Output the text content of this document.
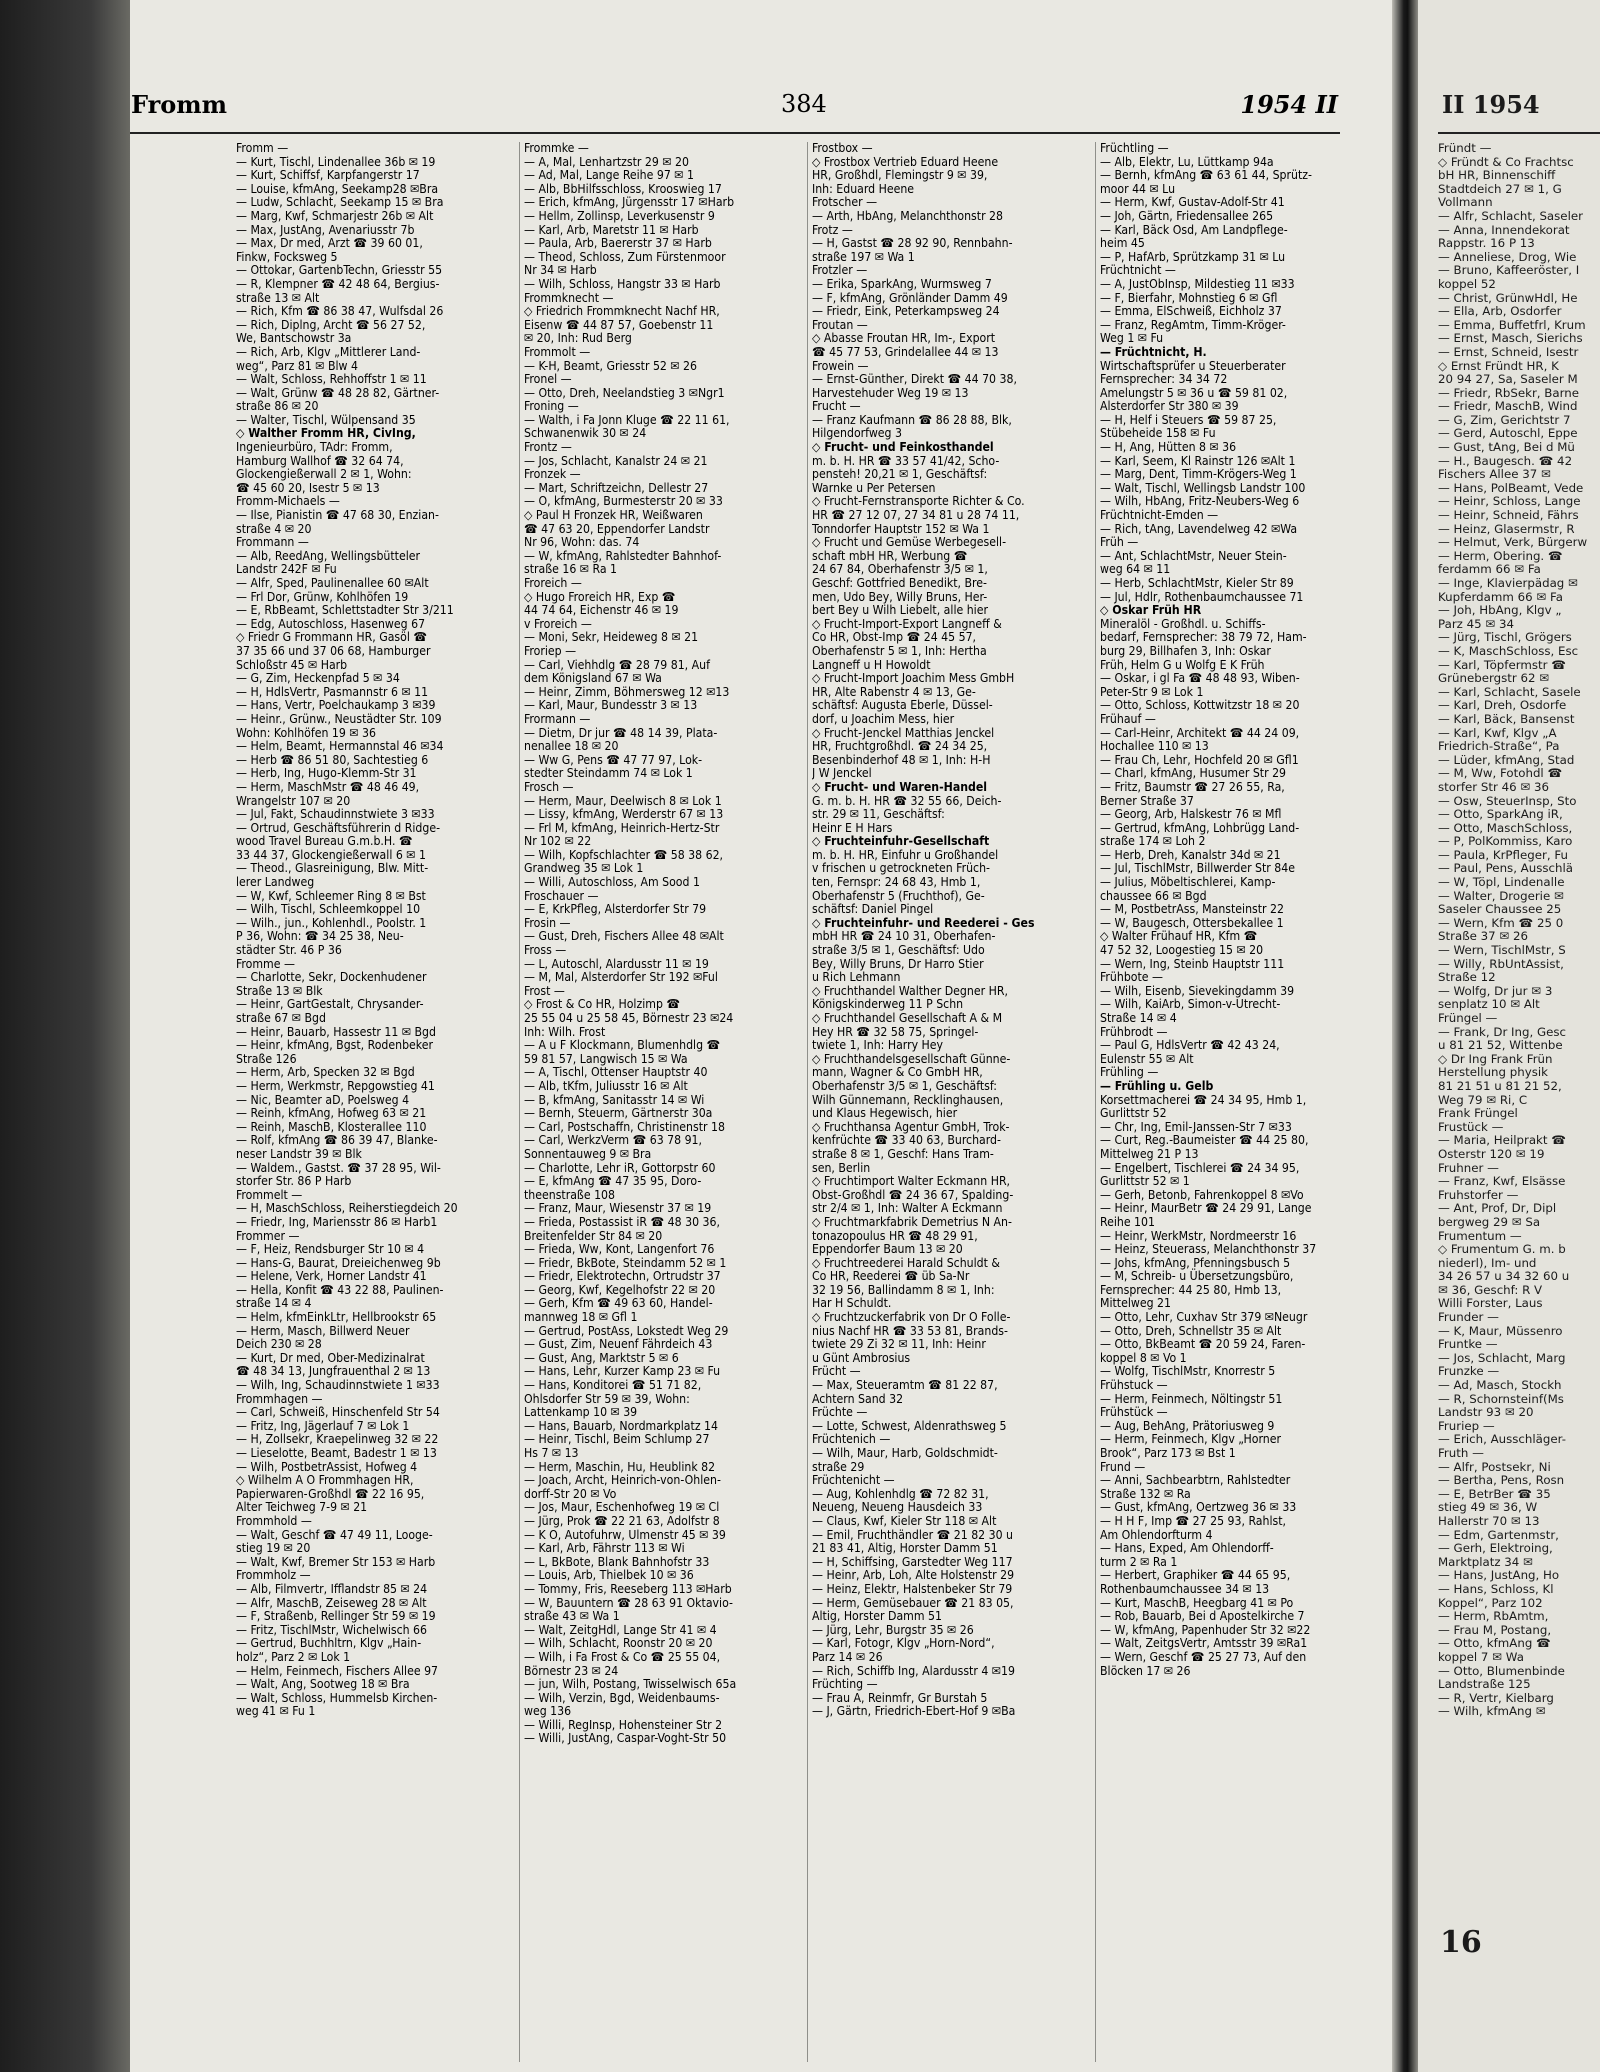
Fromm	384	1954 II
Fromm —
— Kurt, Tischl, Lindenallee 36b ✉ 19
— Kurt, Schiffsf, Karpfangerstr 17
— Louise, kfmAng, Seekamp28 ✉Bra
— Ludw, Schlacht, Seekamp 15 ✉ Bra
— Marg, Kwf, Schmarjestr 26b ✉ Alt
— Max, JustAng, Avenariusstr 7b
— Max, Dr med, Arzt ☎ 39 60 01,
Finkw, Focksweg 5
— Ottokar, GartenbTechn, Griesstr 55
— R, Klempner ☎ 42 48 64, Bergius-
straße 13 ✉ Alt
— Rich, Kfm ☎ 86 38 47, Wulfsdal 26
— Rich, Diplng, Archt ☎ 56 27 52,
We, Bantschowstr 3a
— Rich, Arb, Klgv „Mittlerer Land-
weg“, Parz 81 ✉ Blw 4
— Walt, Schloss, Rehhoffstr 1 ✉ 11
— Walt, Grünw ☎ 48 28 82, Gärtner-
straße 86 ✉ 20
— Walter, Tischl, Wülpensand 35
◇ Walther Fromm HR, CivIng,
Ingenieurbüro, TAdr: Fromm,
Hamburg Wallhof ☎ 32 64 74,
Glockengießerwall 2 ✉ 1, Wohn:
☎ 45 60 20, Isestr 5 ✉ 13
Fromm-Michaels —
— Ilse, Pianistin ☎ 47 68 30, Enzian-
straße 4 ✉ 20
Frommann —
— Alb, ReedAng, Wellingsbütteler
Landstr 242F ✉ Fu
— Alfr, Sped, Paulinenallee 60 ✉Alt
— Frl Dor, Grünw, Kohlhöfen 19
— E, RbBeamt, Schlettstadter Str 3/211
— Edg, Autoschloss, Hasenweg 67
◇ Friedr G Frommann HR, Gasöl ☎
37 35 66 und 37 06 68, Hamburger
Schloßstr 45 ✉ Harb
— G, Zim, Heckenpfad 5 ✉ 34
— H, HdlsVertr, Pasmannstr 6 ✉ 11
— Hans, Vertr, Poelchaukamp 3 ✉39
— Heinr., Grünw., Neustädter Str. 109
Wohn: Kohlhöfen 19 ✉ 36
— Helm, Beamt, Hermannstal 46 ✉34
— Herb ☎ 86 51 80, Sachtestieg 6
— Herb, Ing, Hugo-Klemm-Str 31
— Herm, MaschMstr ☎ 48 46 49,
Wrangelstr 107 ✉ 20
— Jul, Fakt, Schaudinnstwiete 3 ✉33
— Ortrud, Geschäftsführerin d Ridge-
wood Travel Bureau G.m.b.H. ☎
33 44 37, Glockengießerwall 6 ✉ 1
— Theod., Glasreinigung, Blw. Mitt-
lerer Landweg
— W, Kwf, Schleemer Ring 8 ✉ Bst
— Wilh, Tischl, Schleemkoppel 10
— Wilh., jun., Kohlenhdl., Poolstr. 1
P 36, Wohn: ☎ 34 25 38, Neu-
städter Str. 46 P 36
Fromme —
— Charlotte, Sekr, Dockenhudener
Straße 13 ✉ Blk
— Heinr, GartGestalt, Chrysander-
straße 67 ✉ Bgd
— Heinr, Bauarb, Hassestr 11 ✉ Bgd
— Heinr, kfmAng, Bgst, Rodenbeker
Straße 126
— Herm, Arb, Specken 32 ✉ Bgd
— Herm, Werkmstr, Repgowstieg 41
— Nic, Beamter aD, Poelsweg 4
— Reinh, kfmAng, Hofweg 63 ✉ 21
— Reinh, MaschB, Klosterallee 110
— Rolf, kfmAng ☎ 86 39 47, Blanke-
neser Landstr 39 ✉ Blk
— Waldem., Gastst. ☎ 37 28 95, Wil-
storfer Str. 86 P Harb
Frommelt —
— H, MaschSchloss, Reiherstiegdeich 20
— Friedr, Ing, Mariensstr 86 ✉ Harb1
Frommer —
— F, Heiz, Rendsburger Str 10 ✉ 4
— Hans-G, Baurat, Dreieichenweg 9b
— Helene, Verk, Horner Landstr 41
— Hella, Konfit ☎ 43 22 88, Paulinen-
straße 14 ✉ 4
— Helm, kfmEinkLtr, Hellbrookstr 65
— Herm, Masch, Billwerd Neuer
Deich 230 ✉ 28
— Kurt, Dr med, Ober-Medizinalrat
☎ 48 34 13, Jungfrauenthal 2 ✉ 13
— Wilh, Ing, Schaudinnstwiete 1 ✉33
Frommhagen —
— Carl, Schweiß, Hinschenfeld Str 54
— Fritz, Ing, Jägerlauf 7 ✉ Lok 1
— H, Zollsekr, Kraepelinweg 32 ✉ 22
— Lieselotte, Beamt, Badestr 1 ✉ 13
— Wilh, PostbetrAssist, Hofweg 4
◇ Wilhelm A O Frommhagen HR,
Papierwaren-Großhdl ☎ 22 16 95,
Alter Teichweg 7-9 ✉ 21
Frommhold —
— Walt, Geschf ☎ 47 49 11, Looge-
stieg 19 ✉ 20
— Walt, Kwf, Bremer Str 153 ✉ Harb
Frommholz —
— Alb, Filmvertr, Ifflandstr 85 ✉ 24
— Alfr, MaschB, Zeiseweg 28 ✉ Alt
— F, Straßenb, Rellinger Str 59 ✉ 19
— Fritz, TischlMstr, Wichelwisch 66
— Gertrud, Buchhltrn, Klgv „Hain-
holz“, Parz 2 ✉ Lok 1
— Helm, Feinmech, Fischers Allee 97
— Walt, Ang, Sootweg 18 ✉ Bra
— Walt, Schloss, Hummelsb Kirchen-
weg 41 ✉ Fu 1
Frommke —
— A, Mal, Lenhartzstr 29 ✉ 20
— Ad, Mal, Lange Reihe 97 ✉ 1
— Alb, BbHilfsschloss, Krooswieg 17
— Erich, kfmAng, Jürgensstr 17 ✉Harb
— Hellm, Zollinsp, Leverkusenstr 9
— Karl, Arb, Maretstr 11 ✉ Harb
— Paula, Arb, Baererstr 37 ✉ Harb
— Theod, Schloss, Zum Fürstenmoor
Nr 34 ✉ Harb
— Wilh, Schloss, Hangstr 33 ✉ Harb
Frommknecht —
◇ Friedrich Frommknecht Nachf HR,
Eisenw ☎ 44 87 57, Goebenstr 11
✉ 20, Inh: Rud Berg
Frommolt —
— K-H, Beamt, Griesstr 52 ✉ 26
Fronel —
— Otto, Dreh, Neelandstieg 3 ✉Ngr1
Froning —
— Walth, i Fa Jonn Kluge ☎ 22 11 61,
Schwanenwik 30 ✉ 24
Frontz —
— Jos, Schlacht, Kanalstr 24 ✉ 21
Fronzek —
— Mart, Schriftzeichn, Dellestr 27
— O, kfmAng, Burmesterstr 20 ✉ 33
◇ Paul H Fronzek HR, Weißwaren
☎ 47 63 20, Eppendorfer Landstr
Nr 96, Wohn: das. 74
— W, kfmAng, Rahlstedter Bahnhof-
straße 16 ✉ Ra 1
Froreich —
◇ Hugo Froreich HR, Exp ☎
44 74 64, Eichenstr 46 ✉ 19
v Froreich —
— Moni, Sekr, Heideweg 8 ✉ 21
Froriep —
— Carl, Viehhdlg ☎ 28 79 81, Auf
dem Königsland 67 ✉ Wa
— Heinr, Zimm, Böhmersweg 12 ✉13
— Karl, Maur, Bundesstr 3 ✉ 13
Frormann —
— Dietm, Dr jur ☎ 48 14 39, Plata-
nenallee 18 ✉ 20
— Ww G, Pens ☎ 47 77 97, Lok-
stedter Steindamm 74 ✉ Lok 1
Frosch —
— Herm, Maur, Deelwisch 8 ✉ Lok 1
— Lissy, kfmAng, Werderstr 67 ✉ 13
— Frl M, kfmAng, Heinrich-Hertz-Str
Nr 102 ✉ 22
— Wilh, Kopfschlachter ☎ 58 38 62,
Grandweg 35 ✉ Lok 1
— Willi, Autoschloss, Am Sood 1
Froschauer —
— E, KrkPfleg, Alsterdorfer Str 79
Frosin —
— Gust, Dreh, Fischers Allee 48 ✉Alt
Fross —
— L, Autoschl, Alardusstr 11 ✉ 19
— M, Mal, Alsterdorfer Str 192 ✉Ful
Frost —
◇ Frost & Co HR, Holzimp ☎
25 55 04 u 25 58 45, Börnestr 23 ✉24
Inh: Wilh. Frost
— A u F Klockmann, Blumenhdlg ☎
59 81 57, Langwisch 15 ✉ Wa
— A, Tischl, Ottenser Hauptstr 40
— Alb, tKfm, Juliusstr 16 ✉ Alt
— B, kfmAng, Sanitasstr 14 ✉ Wi
— Bernh, Steuerm, Gärtnerstr 30a
— Carl, Postschaffn, Christinenstr 18
— Carl, WerkzVerm ☎ 63 78 91,
Sonnentauweg 9 ✉ Bra
— Charlotte, Lehr iR, Gottorpstr 60
— E, kfmAng ☎ 47 35 95, Doro-
theenstraße 108
— Franz, Maur, Wiesenstr 37 ✉ 19
— Frieda, Postassist iR ☎ 48 30 36,
Breitenfelder Str 84 ✉ 20
— Frieda, Ww, Kont, Langenfort 76
— Friedr, BkBote, Steindamm 52 ✉ 1
— Friedr, Elektrotechn, Ortrudstr 37
— Georg, Kwf, Kegelhofstr 22 ✉ 20
— Gerh, Kfm ☎ 49 63 60, Handel-
mannweg 18 ✉ Gfl 1
— Gertrud, PostAss, Lokstedt Weg 29
— Gust, Zim, Neuenf Fährdeich 43
— Gust, Ang, Marktstr 5 ✉ 6
— Hans, Lehr, Kurzer Kamp 23 ✉ Fu
— Hans, Konditorei ☎ 51 71 82,
Ohlsdorfer Str 59 ✉ 39, Wohn:
Lattenkamp 10 ✉ 39
— Hans, Bauarb, Nordmarkplatz 14
— Heinr, Tischl, Beim Schlump 27
Hs 7 ✉ 13
— Herm, Maschin, Hu, Heublink 82
— Joach, Archt, Heinrich-von-Ohlen-
dorff-Str 20 ✉ Vo
— Jos, Maur, Eschenhofweg 19 ✉ Cl
— Jürg, Prok ☎ 22 21 63, Adolfstr 8
— K O, Autofuhrw, Ulmenstr 45 ✉ 39
— Karl, Arb, Fährstr 113 ✉ Wi
— L, BkBote, Blank Bahnhofstr 33
— Louis, Arb, Thielbek 10 ✉ 36
— Tommy, Fris, Reeseberg 113 ✉Harb
— W, Bauuntern ☎ 28 63 91 Oktavio-
straße 43 ✉ Wa 1
— Walt, ZeitgHdl, Lange Str 41 ✉ 4
— Wilh, Schlacht, Roonstr 20 ✉ 20
— Wilh, i Fa Frost & Co ☎ 25 55 04,
Börnestr 23 ✉ 24
— jun, Wilh, Postang, Twisselwisch 65a
— Wilh, Verzin, Bgd, Weidenbaums-
weg 136
— Willi, RegInsp, Hohensteiner Str 2
— Willi, JustAng, Caspar-Voght-Str 50
Frostbox —
◇ Frostbox Vertrieb Eduard Heene
HR, Großhdl, Flemingstr 9 ✉ 39,
Inh: Eduard Heene
Frotscher —
— Arth, HbAng, Melanchthonstr 28
Frotz —
— H, Gastst ☎ 28 92 90, Rennbahn-
straße 197 ✉ Wa 1
Frotzler —
— Erika, SparkAng, Wurmsweg 7
— F, kfmAng, Grönländer Damm 49
— Friedr, Eink, Peterkampsweg 24
Froutan —
◇ Abasse Froutan HR, Im-, Export
☎ 45 77 53, Grindelallee 44 ✉ 13
Frowein —
— Ernst-Günther, Direkt ☎ 44 70 38,
Harvestehuder Weg 19 ✉ 13
Frucht —
— Franz Kaufmann ☎ 86 28 88, Blk,
Hilgendorfweg 3
◇ Frucht- und Feinkosthandel
m. b. H. HR ☎ 33 57 41/42, Scho-
pensteh! 20,21 ✉ 1, Geschäftsf:
Warnke u Per Petersen
◇ Frucht-Fernstransporte Richter & Co.
HR ☎ 27 12 07, 27 34 81 u 28 74 11,
Tonndorfer Hauptstr 152 ✉ Wa 1
◇ Frucht und Gemüse Werbegesell-
schaft mbH HR, Werbung ☎
24 67 84, Oberhafenstr 3/5 ✉ 1,
Geschf: Gottfried Benedikt, Bre-
men, Udo Bey, Willy Bruns, Her-
bert Bey u Wilh Liebelt, alle hier
◇ Frucht-Import-Export Langneff &
Co HR, Obst-Imp ☎ 24 45 57,
Oberhafenstr 5 ✉ 1, Inh: Hertha
Langneff u H Howoldt
◇ Frucht-Import Joachim Mess GmbH
HR, Alte Rabenstr 4 ✉ 13, Ge-
schäftsf: Augusta Eberle, Düssel-
dorf, u Joachim Mess, hier
◇ Frucht-Jenckel Matthias Jenckel
HR, Fruchtgroßhdl. ☎ 24 34 25,
Besenbinderhof 48 ✉ 1, Inh: H-H
J W Jenckel
◇ Frucht- und Waren-Handel
G. m. b. H. HR ☎ 32 55 66, Deich-
str. 29 ✉ 11, Geschäftsf:
Heinr E H Hars
◇ Fruchteinfuhr-Gesellschaft
m. b. H. HR, Einfuhr u Großhandel
v frischen u getrockneten Früch-
ten, Fernspr: 24 68 43, Hmb 1,
Oberhafenstr 5 (Fruchthof), Ge-
schäftsf: Daniel Pingel
◇ Fruchteinfuhr- und Reederei - Ges
mbH HR ☎ 24 10 31, Oberhafen-
straße 3/5 ✉ 1, Geschäftsf: Udo
Bey, Willy Bruns, Dr Harro Stier
u Rich Lehmann
◇ Fruchthandel Walther Degner HR,
Königskinderweg 11 P Schn
◇ Fruchthandel Gesellschaft A & M
Hey HR ☎ 32 58 75, Springel-
twiete 1, Inh: Harry Hey
◇ Fruchthandelsgesellschaft Günne-
mann, Wagner & Co GmbH HR,
Oberhafenstr 3/5 ✉ 1, Geschäftsf:
Wilh Günnemann, Recklinghausen,
und Klaus Hegewisch, hier
◇ Fruchthansa Agentur GmbH, Trok-
kenfrüchte ☎ 33 40 63, Burchard-
straße 8 ✉ 1, Geschf: Hans Tram-
sen, Berlin
◇ Fruchtimport Walter Eckmann HR,
Obst-Großhdl ☎ 24 36 67, Spalding-
str 2/4 ✉ 1, Inh: Walter A Eckmann
◇ Fruchtmarkfabrik Demetrius N An-
tonazopoulus HR ☎ 48 29 91,
Eppendorfer Baum 13 ✉ 20
◇ Fruchtreederei Harald Schuldt &
Co HR, Reederei ☎ üb Sa-Nr
32 19 56, Ballindamm 8 ✉ 1, Inh:
Har H Schuldt.
◇ Fruchtzuckerfabrik von Dr O Folle-
nius Nachf HR ☎ 33 53 81, Brands-
twiete 29 Zi 32 ✉ 11, Inh: Heinr
u Günt Ambrosius
Frücht —
— Max, Steueramtm ☎ 81 22 87,
Achtern Sand 32
Früchte —
— Lotte, Schwest, Aldenrathsweg 5
Früchtenich —
— Wilh, Maur, Harb, Goldschmidt-
straße 29
Früchtenicht —
— Aug, Kohlenhdlg ☎ 72 82 31,
Neueng, Neueng Hausdeich 33
— Claus, Kwf, Kieler Str 118 ✉ Alt
— Emil, Fruchthändler ☎ 21 82 30 u
21 83 41, Altig, Horster Damm 51
— H, Schiffsing, Garstedter Weg 117
— Heinr, Arb, Loh, Alte Holstenstr 29
— Heinz, Elektr, Halstenbeker Str 79
— Herm, Gemüsebauer ☎ 21 83 05,
Altig, Horster Damm 51
— Jürg, Lehr, Burgstr 35 ✉ 26
— Karl, Fotogr, Klgv „Horn-Nord“,
Parz 14 ✉ 26
— Rich, Schiffb Ing, Alardusstr 4 ✉19
Früchting —
— Frau A, Reinmfr, Gr Burstah 5
— J, Gärtn, Friedrich-Ebert-Hof 9 ✉Ba
Früchtling —
— Alb, Elektr, Lu, Lüttkamp 94a
— Bernh, kfmAng ☎ 63 61 44, Sprütz-
moor 44 ✉ Lu
— Herm, Kwf, Gustav-Adolf-Str 41
— Joh, Gärtn, Friedensallee 265
— Karl, Bäck Osd, Am Landpflege-
heim 45
— P, HafArb, Sprützkamp 31 ✉ Lu
Früchtnicht —
— A, JustObInsp, Mildestieg 11 ✉33
— F, Bierfahr, Mohnstieg 6 ✉ Gfl
— Emma, ElSchweiß, Eichholz 37
— Franz, RegAmtm, Timm-Kröger-
Weg 1 ✉ Fu
— Früchtnicht, H.
Wirtschaftsprüfer u Steuerberater
Fernsprecher: 34 34 72
Amelungstr 5 ✉ 36 u ☎ 59 81 02,
Alsterdorfer Str 380 ✉ 39
— H, Helf i Steuers ☎ 59 87 25,
Stübeheide 158 ✉ Fu
— H, Ang, Hütten 8 ✉ 36
— Karl, Seem, Kl Rainstr 126 ✉Alt 1
— Marg, Dent, Timm-Krögers-Weg 1
— Walt, Tischl, Wellingsb Landstr 100
— Wilh, HbAng, Fritz-Neubers-Weg 6
Früchtnicht-Emden —
— Rich, tAng, Lavendelweg 42 ✉Wa
Früh —
— Ant, SchlachtMstr, Neuer Stein-
weg 64 ✉ 11
— Herb, SchlachtMstr, Kieler Str 89
— Jul, Hdlr, Rothenbaumchaussee 71
◇ Oskar Früh HR
Mineralöl - Großhdl. u. Schiffs-
bedarf, Fernsprecher: 38 79 72, Ham-
burg 29, Billhafen 3, Inh: Oskar
Früh, Helm G u Wolfg E K Früh
— Oskar, i gl Fa ☎ 48 48 93, Wiben-
Peter-Str 9 ✉ Lok 1
— Otto, Schloss, Kottwitzstr 18 ✉ 20
Frühauf —
— Carl-Heinr, Architekt ☎ 44 24 09,
Hochallee 110 ✉ 13
— Frau Ch, Lehr, Hochfeld 20 ✉ Gfl1
— Charl, kfmAng, Husumer Str 29
— Fritz, Baumstr ☎ 27 26 55, Ra,
Berner Straße 37
— Georg, Arb, Halskestr 76 ✉ Mfl
— Gertrud, kfmAng, Lohbrügg Land-
straße 174 ✉ Loh 2
— Herb, Dreh, Kanalstr 34d ✉ 21
— Jul, TischlMstr, Billwerder Str 84e
— Julius, Möbeltischlerei, Kamp-
chaussee 66 ✉ Bgd
— M, PostbetrAss, Mansteinstr 22
— W, Baugesch, Ottersbekallee 1
◇ Walter Frühauf HR, Kfm ☎
47 52 32, Loogestieg 15 ✉ 20
— Wern, Ing, Steinb Hauptstr 111
Frühbote —
— Wilh, Eisenb, Sievekingdamm 39
— Wilh, KaiArb, Simon-v-Utrecht-
Straße 14 ✉ 4
Frühbrodt —
— Paul G, HdlsVertr ☎ 42 43 24,
Eulenstr 55 ✉ Alt
Frühling —
— Frühling u. Gelb
Korsettmacherei ☎ 24 34 95, Hmb 1,
Gurlittstr 52
— Chr, Ing, Emil-Janssen-Str 7 ✉33
— Curt, Reg.-Baumeister ☎ 44 25 80,
Mittelweg 21 P 13
— Engelbert, Tischlerei ☎ 24 34 95,
Gurlittstr 52 ✉ 1
— Gerh, Betonb, Fahrenkoppel 8 ✉Vo
— Heinr, MaurBetr ☎ 24 29 91, Lange
Reihe 101
— Heinr, WerkMstr, Nordmeerstr 16
— Heinz, Steuerass, Melanchthonstr 37
— Johs, kfmAng, Pfenningsbusch 5
— M, Schreib- u Übersetzungsbüro,
Fernsprecher: 44 25 80, Hmb 13,
Mittelweg 21
— Otto, Lehr, Cuxhav Str 379 ✉Neugr
— Otto, Dreh, Schnellstr 35 ✉ Alt
— Otto, BkBeamt ☎ 20 59 24, Faren-
koppel 8 ✉ Vo 1
— Wolfg, TischlMstr, Knorrestr 5
Frühstuck —
— Herm, Feinmech, Nöltingstr 51
Frühstück —
— Aug, BehAng, Prätoriusweg 9
— Herm, Feinmech, Klgv „Horner
Brook“, Parz 173 ✉ Bst 1
Frund —
— Anni, Sachbearbtrn, Rahlstedter
Straße 132 ✉ Ra
— Gust, kfmAng, Oertzweg 36 ✉ 33
— H H F, Imp ☎ 27 25 93, Rahlst,
Am Ohlendorfturm 4
— Hans, Exped, Am Ohlendorff-
turm 2 ✉ Ra 1
— Herbert, Graphiker ☎ 44 65 95,
Rothenbaumchaussee 34 ✉ 13
— Kurt, MaschB, Heegbarg 41 ✉ Po
— Rob, Bauarb, Bei d Apostelkirche 7
— W, kfmAng, Papenhuder Str 32 ✉22
— Walt, ZeitgsVertr, Amtsstr 39 ✉Ra1
— Wern, Geschf ☎ 25 27 73, Auf den
Blöcken 17 ✉ 26
II 1954
Fründt —
◇ Fründt & Co Frachtsc
bH HR, Binnenschiff
Stadtdeich 27 ✉ 1, G
Vollmann
— Alfr, Schlacht, Saseler
— Anna, Innendekorat
Rappstr. 16 P 13
— Anneliese, Drog, Wie
— Bruno, Kaffeeröster, I
koppel 52
— Christ, GrünwHdl, He
— Ella, Arb, Osdorfer
— Emma, Buffetfrl, Krum
— Ernst, Masch, Sierichs
— Ernst, Schneid, Isestr
◇ Ernst Fründt HR, K
20 94 27, Sa, Saseler M
— Friedr, RbSekr, Barne
— Friedr, MaschB, Wind
— G, Zim, Gerichtstr 7
— Gerd, Autoschl, Eppe
— Gust, tAng, Bei d Mü
— H., Baugesch. ☎ 42
Fischers Allee 37 ✉
— Hans, PolBeamt, Vede
— Heinr, Schloss, Lange
— Heinr, Schneid, Fährs
— Heinz, Glasermstr, R
— Helmut, Verk, Bürgerw
— Herm, Obering. ☎
ferdamm 66 ✉ Fa
— Inge, Klavierpädag ✉
Kupferdamm 66 ✉ Fa
— Joh, HbAng, Klgv „
Parz 45 ✉ 34
— Jürg, Tischl, Grögers
— K, MaschSchloss, Esc
— Karl, Töpfermstr ☎
Grünebergstr 62 ✉
— Karl, Schlacht, Sasele
— Karl, Dreh, Osdorfe
— Karl, Bäck, Bansenst
— Karl, Kwf, Klgv „A
Friedrich-Straße“, Pa
— Lüder, kfmAng, Stad
— M, Ww, Fotohdl ☎
storfer Str 46 ✉ 36
— Osw, SteuerInsp, Sto
— Otto, SparkAng iR,
— Otto, MaschSchloss,
— P, PolKommiss, Karo
— Paula, KrPfleger, Fu
— Paul, Pens, Ausschlä
— W, Töpl, Lindenalle
— Walter, Drogerie ✉
Saseler Chaussee 25
— Wern, Kfm ☎ 25 0
Straße 37 ✉ 26
— Wern, TischlMstr, S
— Willy, RbUntAssist,
Straße 12
— Wolfg, Dr jur ✉ 3
senplatz 10 ✉ Alt
Früngel —
— Frank, Dr Ing, Gesc
u 81 21 52, Wittenbe
◇ Dr Ing Frank Frün
Herstellung physik
81 21 51 u 81 21 52,
Weg 79 ✉ Ri, C
Frank Früngel
Frustück —
— Maria, Heilprakt ☎
Osterstr 120 ✉ 19
Fruhner —
— Franz, Kwf, Elsässe
Fruhstorfer —
— Ant, Prof, Dr, Dipl
bergweg 29 ✉ Sa
Frumentum —
◇ Frumentum G. m. b
niederl), Im- und
34 26 57 u 34 32 60 u
✉ 36, Geschf: R V
Willi Forster, Laus
Frunder —
— K, Maur, Müssenro
Fruntke —
— Jos, Schlacht, Marg
Frunzke —
— Ad, Masch, Stockh
— R, Schornsteinf(Ms
Landstr 93 ✉ 20
Fruriep —
— Erich, Ausschläger-
Fruth —
— Alfr, Postsekr, Ni
— Bertha, Pens, Rosn
— E, BetrBer ☎ 35
stieg 49 ✉ 36, W
Hallerstr 70 ✉ 13
— Edm, Gartenmstr,
— Gerh, Elektroing,
Marktplatz 34 ✉
— Hans, JustAng, Ho
— Hans, Schloss, Kl
Koppel“, Parz 102
— Herm, RbAmtm,
— Frau M, Postang,
— Otto, kfmAng ☎
koppel 7 ✉ Wa
— Otto, Blumenbinde
Landstraße 125
— R, Vertr, Kielbarg
— Wilh, kfmAng ✉
16
